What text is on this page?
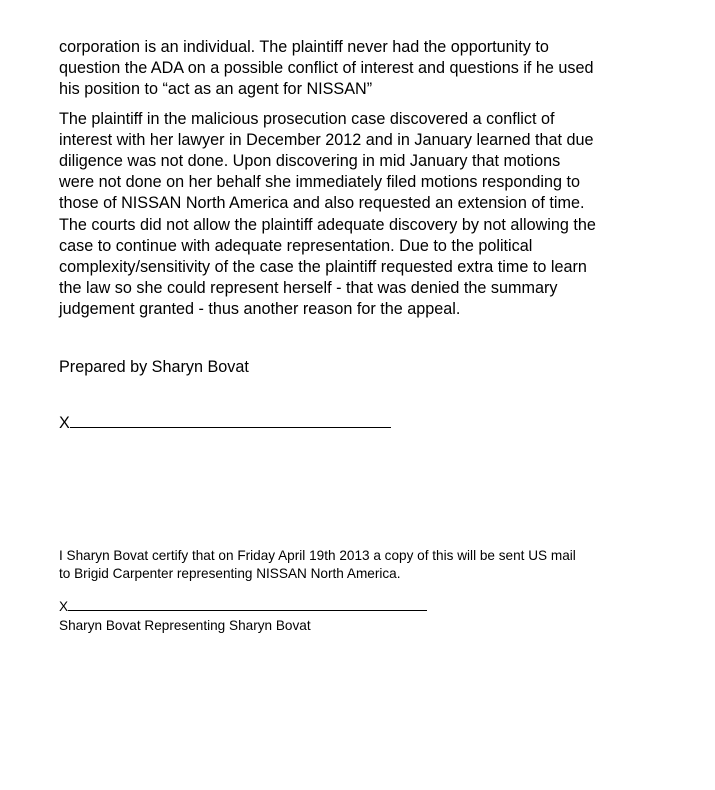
corporation is an individual. The plaintiff never had the opportunity to
question the ADA on a possible conflict of interest and questions if he used
his position to “act as an agent for NISSAN”
The plaintiff in the malicious prosecution case discovered a conflict of
interest with her lawyer in December 2012 and in January learned that due
diligence was not done. Upon discovering in mid January that motions
were not done on her behalf she immediately filed motions responding to
those of NISSAN North America and also requested an extension of time.
The courts did not allow the plaintiff adequate discovery by not allowing the
case to continue with adequate representation. Due to the political
complexity/sensitivity of the case the plaintiff requested extra time to learn
the law so she could represent herself - that was denied the summary
judgement granted - thus another reason for the appeal.
Prepared by Sharyn Bovat
X
I Sharyn Bovat certify that on Friday April 19th 2013 a copy of this will be sent US mail
to Brigid Carpenter representing NISSAN North America.
X
Sharyn Bovat Representing Sharyn Bovat
